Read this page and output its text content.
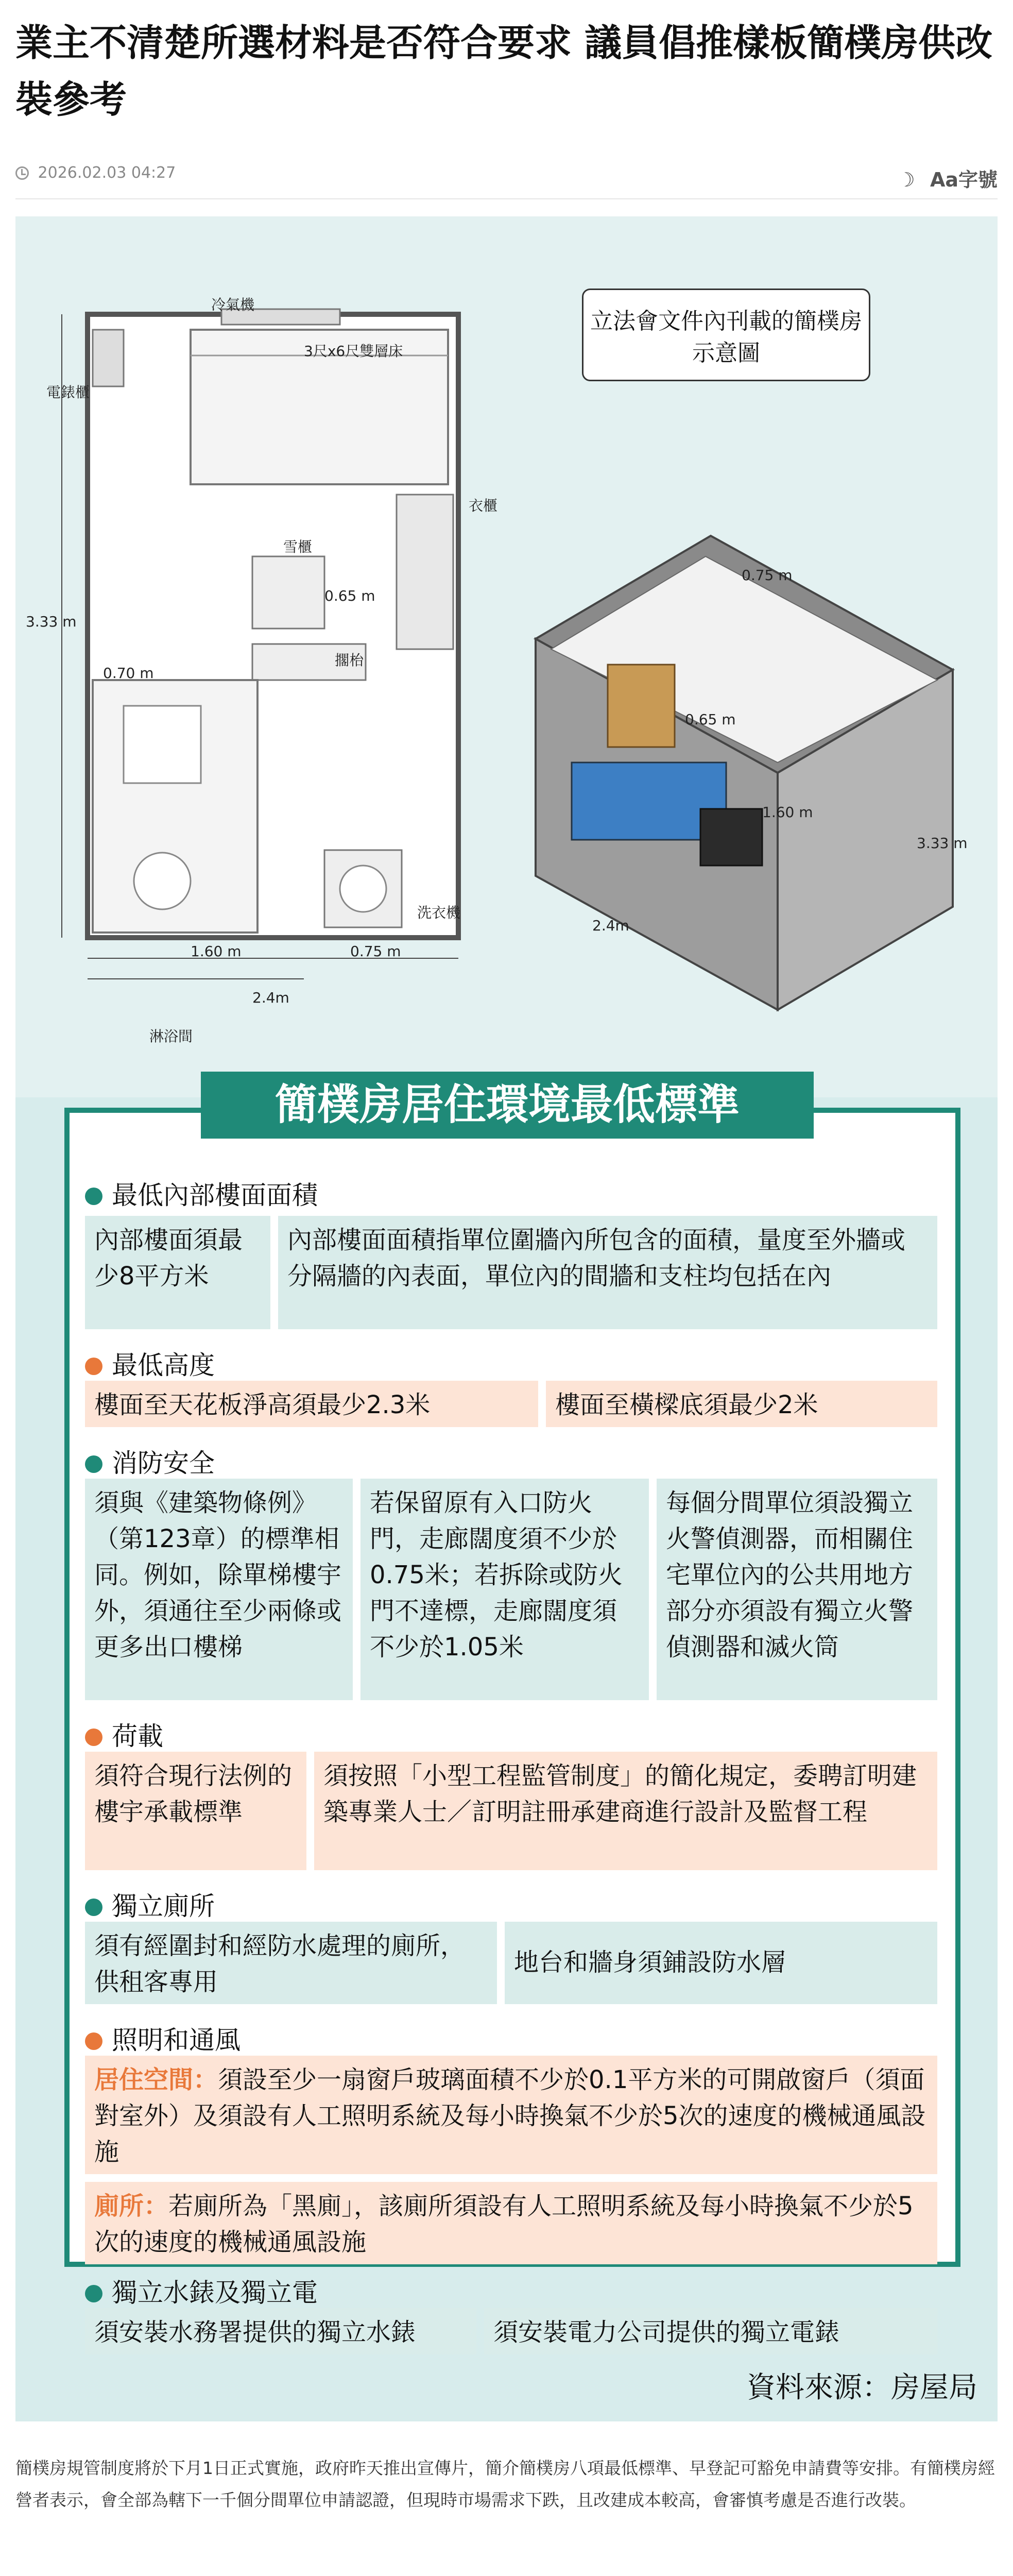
業主不清楚所選材料是否符合要求 議員倡推樣板簡樸房供改裝參考
2026.02.03 04:27	☽ Aa字號
立法會文件內刊載的簡樸房示意圖
冷氣機
3尺x6尺雙層床
電錶櫃
衣櫃
雪櫃
0.65 m
擱枱
3.33 m
0.70 m
1.60 m	0.75 m
2.4m
洗衣機
淋浴間
0.75 m
2.4m
3.33 m
0.65 m
1.60 m
簡樸房居住環境最低標準
最低內部樓面面積
內部樓面須最少8平方米
內部樓面面積指單位圍牆內所包含的面積，量度至外牆或分隔牆的內表面，單位內的間牆和支柱均包括在內
最低高度
樓面至天花板淨高須最少2.3米	樓面至橫樑底須最少2米
消防安全
須與《建築物條例》（第123章）的標準相同。例如，除單梯樓宇外，須通往至少兩條或更多出口樓梯
若保留原有入口防火門，走廊闊度須不少於0.75米；若拆除或防火門不達標，走廊闊度須不少於1.05米
每個分間單位須設獨立火警偵測器，而相關住宅單位內的公共用地方部分亦須設有獨立火警偵測器和滅火筒
荷載
須符合現行法例的樓宇承載標準
須按照「小型工程監管制度」的簡化規定，委聘訂明建築專業人士／訂明註冊承建商進行設計及監督工程
獨立廁所
須有經圍封和經防水處理的廁所，供租客專用
地台和牆身須鋪設防水層
照明和通風
居住空間：須設至少一扇窗戶玻璃面積不少於0.1平方米的可開啟窗戶（須面對室外）及須設有人工照明系統及每小時換氣不少於5次的速度的機械通風設施
廁所：若廁所為「黑廁」，該廁所須設有人工照明系統及每小時換氣不少於5次的速度的機械通風設施
獨立水錶及獨立電
須安裝水務署提供的獨立水錶	須安裝電力公司提供的獨立電錶
資料來源：房屋局

簡樸房規管制度將於下月1日正式實施，政府昨天推出宣傳片，簡介簡樸房八項最低標準、早登記可豁免申請費等安排。有簡樸房經營者表示，會全部為轄下一千個分間單位申請認證，但現時市場需求下跌，且改建成本較高，會審慎考慮是否進行改裝。
